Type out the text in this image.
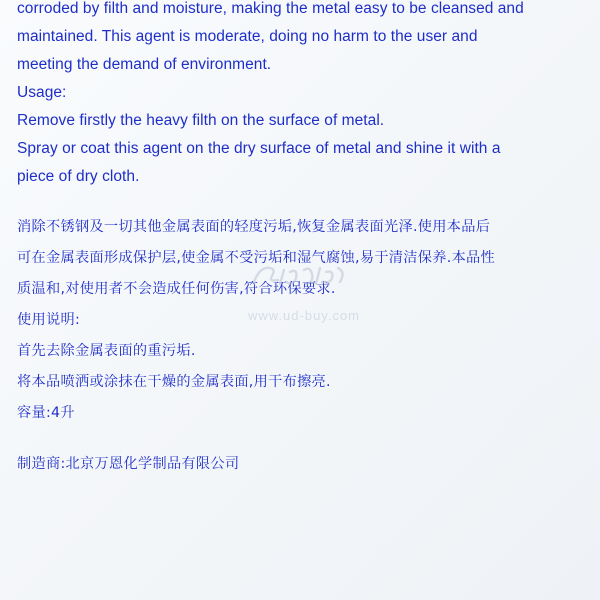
corroded by filth and moisture, making the metal easy to be cleansed and

maintained. This agent is moderate, doing no harm to the user and

meeting the demand of environment.

Usage:

Remove firstly the heavy filth on the surface of metal.

Spray or coat this agent on the dry surface of metal and shine it with a

piece of dry cloth.

消除不锈钢及一切其他金属表面的轻度污垢,恢复金属表面光泽.使用本品后

可在金属表面形成保护层,使金属不受污垢和湿气腐蚀,易于清洁保养.本品性

质温和,对使用者不会造成任何伤害,符合环保要求.

使用说明:

首先去除金属表面的重污垢.

将本品喷洒或涂抹在干燥的金属表面,用干布擦亮.

容量:4升

制造商:北京万恩化学制品有限公司

www.ud-buy.com
